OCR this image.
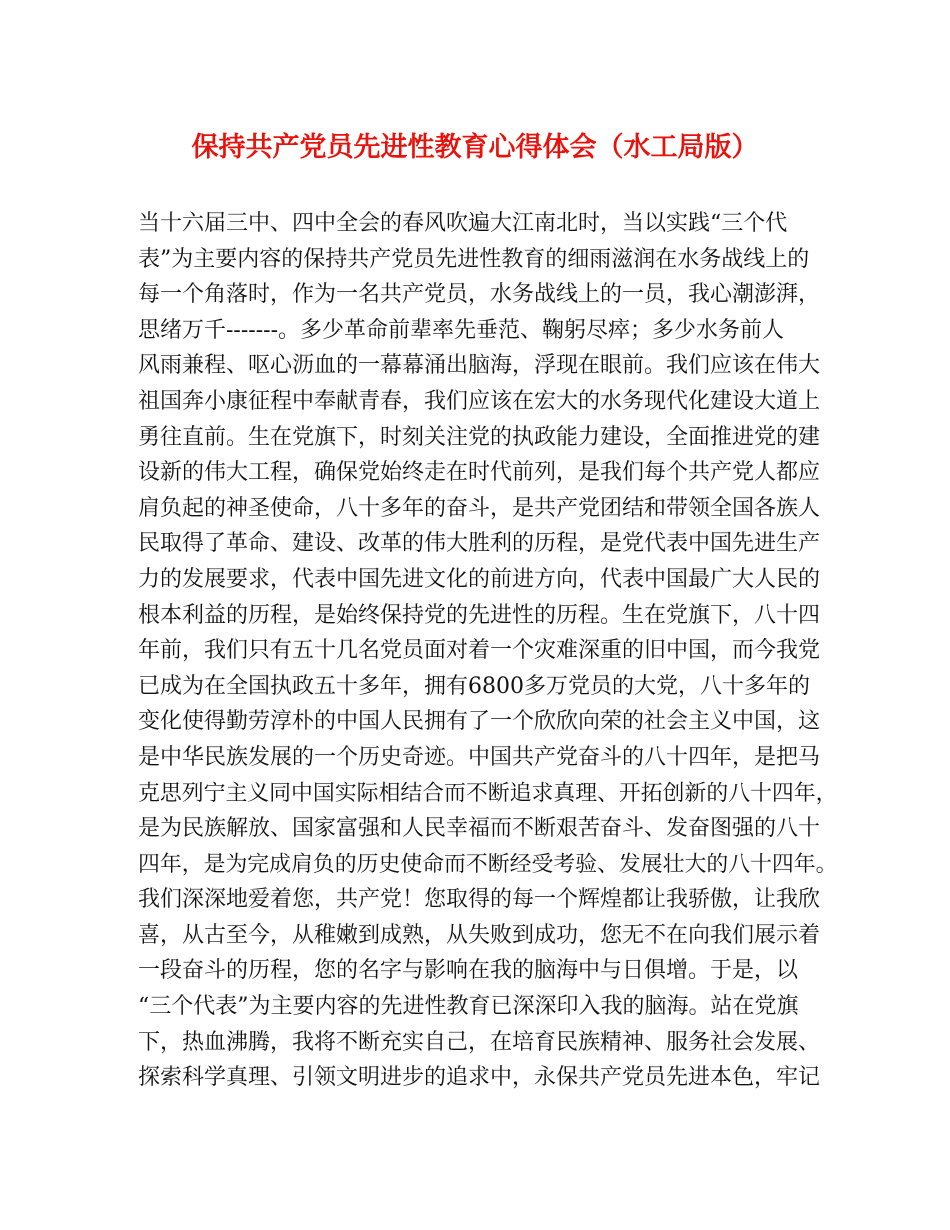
保持共产党员先进性教育心得体会（水工局版）
当十六届三中、四中全会的春风吹遍大江南北时，当以实践“三个代
表”为主要内容的保持共产党员先进性教育的细雨滋润在水务战线上的
每一个角落时，作为一名共产党员，水务战线上的一员，我心潮澎湃，
思绪万千-------。多少革命前辈率先垂范、鞠躬尽瘁；多少水务前人
风雨兼程、呕心沥血的一幕幕涌出脑海，浮现在眼前。我们应该在伟大
祖国奔小康征程中奉献青春，我们应该在宏大的水务现代化建设大道上
勇往直前。生在党旗下，时刻关注党的执政能力建设，全面推进党的建
设新的伟大工程，确保党始终走在时代前列，是我们每个共产党人都应
肩负起的神圣使命，八十多年的奋斗，是共产党团结和带领全国各族人
民取得了革命、建设、改革的伟大胜利的历程，是党代表中国先进生产
力的发展要求，代表中国先进文化的前进方向，代表中国最广大人民的
根本利益的历程，是始终保持党的先进性的历程。生在党旗下，八十四
年前，我们只有五十几名党员面对着一个灾难深重的旧中国，而今我党
已成为在全国执政五十多年，拥有6800多万党员的大党，八十多年的
变化使得勤劳淳朴的中国人民拥有了一个欣欣向荣的社会主义中国，这
是中华民族发展的一个历史奇迹。中国共产党奋斗的八十四年，是把马
克思列宁主义同中国实际相结合而不断追求真理、开拓创新的八十四年，
是为民族解放、国家富强和人民幸福而不断艰苦奋斗、发奋图强的八十
四年，是为完成肩负的历史使命而不断经受考验、发展壮大的八十四年。
我们深深地爱着您，共产党！您取得的每一个辉煌都让我骄傲，让我欣
喜，从古至今，从稚嫩到成熟，从失败到成功，您无不在向我们展示着
一段奋斗的历程，您的名字与影响在我的脑海中与日俱增。于是，以
“三个代表”为主要内容的先进性教育已深深印入我的脑海。站在党旗
下，热血沸腾，我将不断充实自己，在培育民族精神、服务社会发展、
探索科学真理、引领文明进步的追求中，永保共产党员先进本色，牢记
